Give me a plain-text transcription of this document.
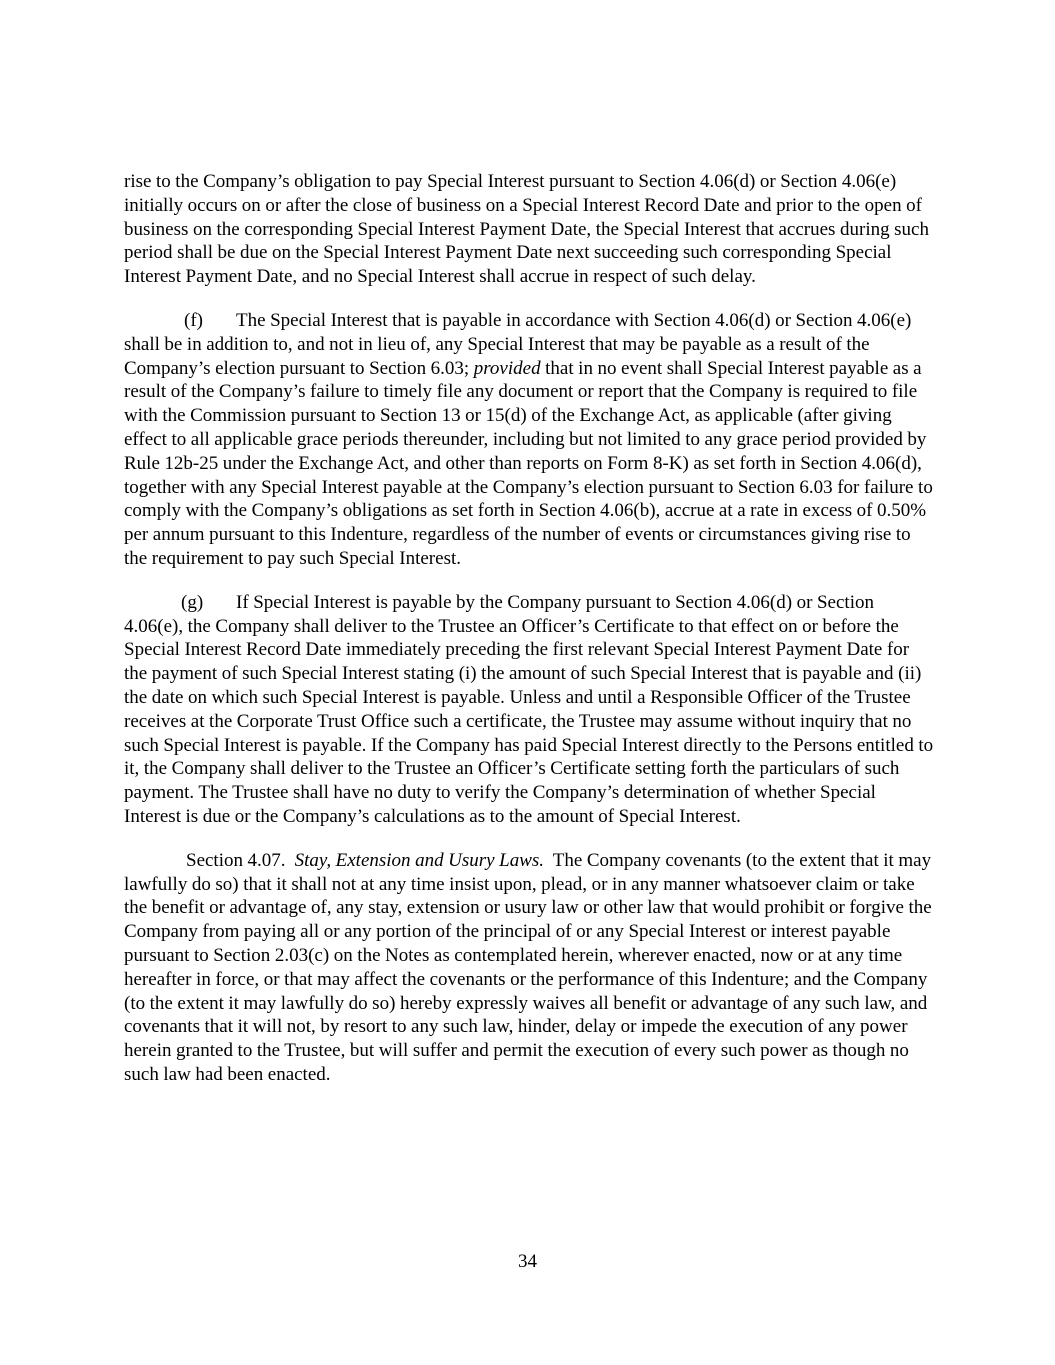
rise to the Company’s obligation to pay Special Interest pursuant to Section 4.06(d) or Section 4.06(e) initially occurs on or after the close of business on a Special Interest Record Date and prior to the open of business on the corresponding Special Interest Payment Date, the Special Interest that accrues during such period shall be due on the Special Interest Payment Date next succeeding such corresponding Special Interest Payment Date, and no Special Interest shall accrue in respect of such delay.

(f) The Special Interest that is payable in accordance with Section 4.06(d) or Section 4.06(e) shall be in addition to, and not in lieu of, any Special Interest that may be payable as a result of the Company’s election pursuant to Section 6.03; provided that in no event shall Special Interest payable as a result of the Company’s failure to timely file any document or report that the Company is required to file with the Commission pursuant to Section 13 or 15(d) of the Exchange Act, as applicable (after giving effect to all applicable grace periods thereunder, including but not limited to any grace period provided by Rule 12b-25 under the Exchange Act, and other than reports on Form 8-K) as set forth in Section 4.06(d), together with any Special Interest payable at the Company’s election pursuant to Section 6.03 for failure to comply with the Company’s obligations as set forth in Section 4.06(b), accrue at a rate in excess of 0.50% per annum pursuant to this Indenture, regardless of the number of events or circumstances giving rise to the requirement to pay such Special Interest.

(g) If Special Interest is payable by the Company pursuant to Section 4.06(d) or Section 4.06(e), the Company shall deliver to the Trustee an Officer’s Certificate to that effect on or before the Special Interest Record Date immediately preceding the first relevant Special Interest Payment Date for the payment of such Special Interest stating (i) the amount of such Special Interest that is payable and (ii) the date on which such Special Interest is payable. Unless and until a Responsible Officer of the Trustee receives at the Corporate Trust Office such a certificate, the Trustee may assume without inquiry that no such Special Interest is payable. If the Company has paid Special Interest directly to the Persons entitled to it, the Company shall deliver to the Trustee an Officer’s Certificate setting forth the particulars of such payment. The Trustee shall have no duty to verify the Company’s determination of whether Special Interest is due or the Company’s calculations as to the amount of Special Interest.

Section 4.07. Stay, Extension and Usury Laws. The Company covenants (to the extent that it may lawfully do so) that it shall not at any time insist upon, plead, or in any manner whatsoever claim or take the benefit or advantage of, any stay, extension or usury law or other law that would prohibit or forgive the Company from paying all or any portion of the principal of or any Special Interest or interest payable pursuant to Section 2.03(c) on the Notes as contemplated herein, wherever enacted, now or at any time hereafter in force, or that may affect the covenants or the performance of this Indenture; and the Company (to the extent it may lawfully do so) hereby expressly waives all benefit or advantage of any such law, and covenants that it will not, by resort to any such law, hinder, delay or impede the execution of any power herein granted to the Trustee, but will suffer and permit the execution of every such power as though no such law had been enacted.

34
